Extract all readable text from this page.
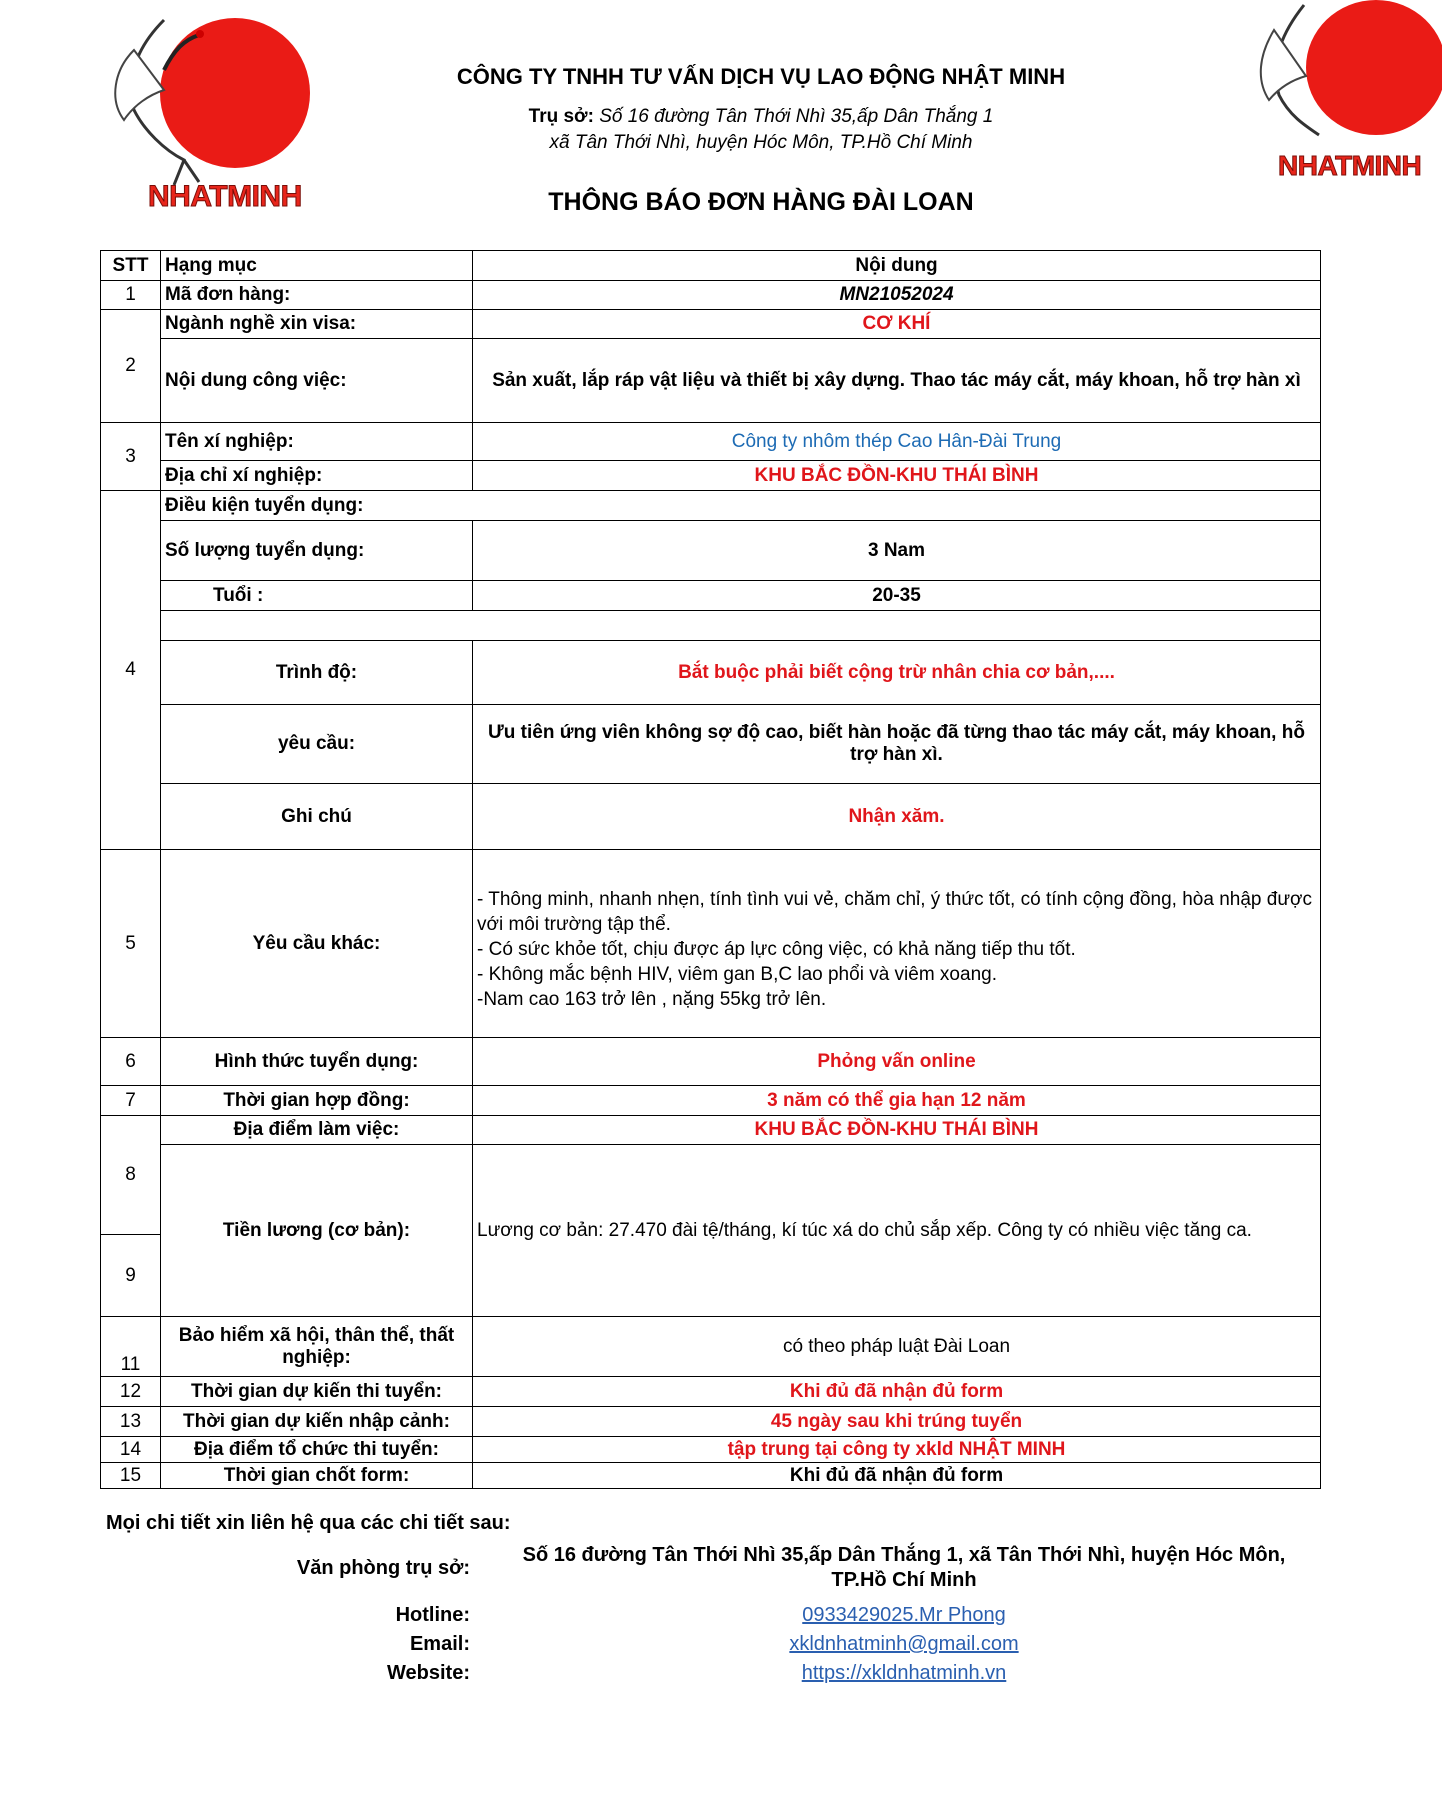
NHATMINH
NHATMINH
CÔNG TY TNHH TƯ VẤN DỊCH VỤ LAO ĐỘNG NHẬT MINH
Trụ sở: Số 16 đường Tân Thới Nhì 35,ấp Dân Thắng 1
xã Tân Thới Nhì, huyện Hóc Môn, TP.Hồ Chí Minh
THÔNG BÁO ĐƠN HÀNG ĐÀI LOAN
STT	Hạng mục	Nội dung
1	Mã đơn hàng:	MN21052024
2	Ngành nghề xin visa:	CƠ KHÍ
	Nội dung công việc:	Sản xuất, lắp ráp vật liệu và thiết bị xây dựng. Thao tác máy cắt, máy khoan, hỗ trợ hàn xì
3	Tên xí nghiệp:	Công ty nhôm thép Cao Hân-Đài Trung
	Địa chỉ xí nghiệp:	KHU BẮC ĐỒN-KHU THÁI BÌNH
4	Điều kiện tuyển dụng:	
	Số lượng tuyển dụng:	3 Nam
	Tuổi :	20-35

	Trình độ:	Bắt buộc phải biết cộng trừ nhân chia cơ bản,....
	yêu cầu:	Ưu tiên ứng viên không sợ độ cao, biết hàn hoặc đã từng thao tác máy cắt, máy khoan, hỗ trợ hàn xì.
	Ghi chú	Nhận xăm.
5	Yêu cầu khác:	- Thông minh, nhanh nhẹn, tính tình vui vẻ, chăm chỉ, ý thức tốt, có tính cộng đồng, hòa nhập được với môi trường tập thể.
- Có sức khỏe tốt, chịu được áp lực công việc, có khả năng tiếp thu tốt.
- Không mắc bệnh HIV, viêm gan B,C lao phổi và viêm xoang.
-Nam cao 163 trở lên , nặng 55kg trở lên.

6	Hình thức tuyển dụng:	Phỏng vấn online
7	Thời gian hợp đồng:	3 năm có thể gia hạn 12 năm
8	Địa điểm làm việc:	KHU BẮC ĐỒN-KHU THÁI BÌNH
	Tiền lương (cơ bản):	Lương cơ bản: 27.470 đài tệ/tháng, kí túc xá do chủ sắp xếp. Công ty có nhiều việc tăng ca.
9		
11	Bảo hiểm xã hội, thân thể, thất nghiệp:	có theo pháp luật Đài Loan
12	Thời gian dự kiến thi tuyển:	Khi đủ đã nhận đủ form
13	Thời gian dự kiến nhập cảnh:	45 ngày sau khi trúng tuyển
14	Địa điểm tổ chức thi tuyển:	tập trung tại công ty xkld NHẬT MINH
15	Thời gian chốt form:	Khi đủ đã nhận đủ form
Mọi chi tiết xin liên hệ qua các chi tiết sau:
Văn phòng trụ sở:
Số 16 đường Tân Thới Nhì 35,ấp Dân Thắng 1, xã Tân Thới Nhì, huyện Hóc Môn,
TP.Hồ Chí Minh
Hotline:	0933429025.Mr Phong
Email:	xkldnhatminh@gmail.com
Website:	https://xkldnhatminh.vn
